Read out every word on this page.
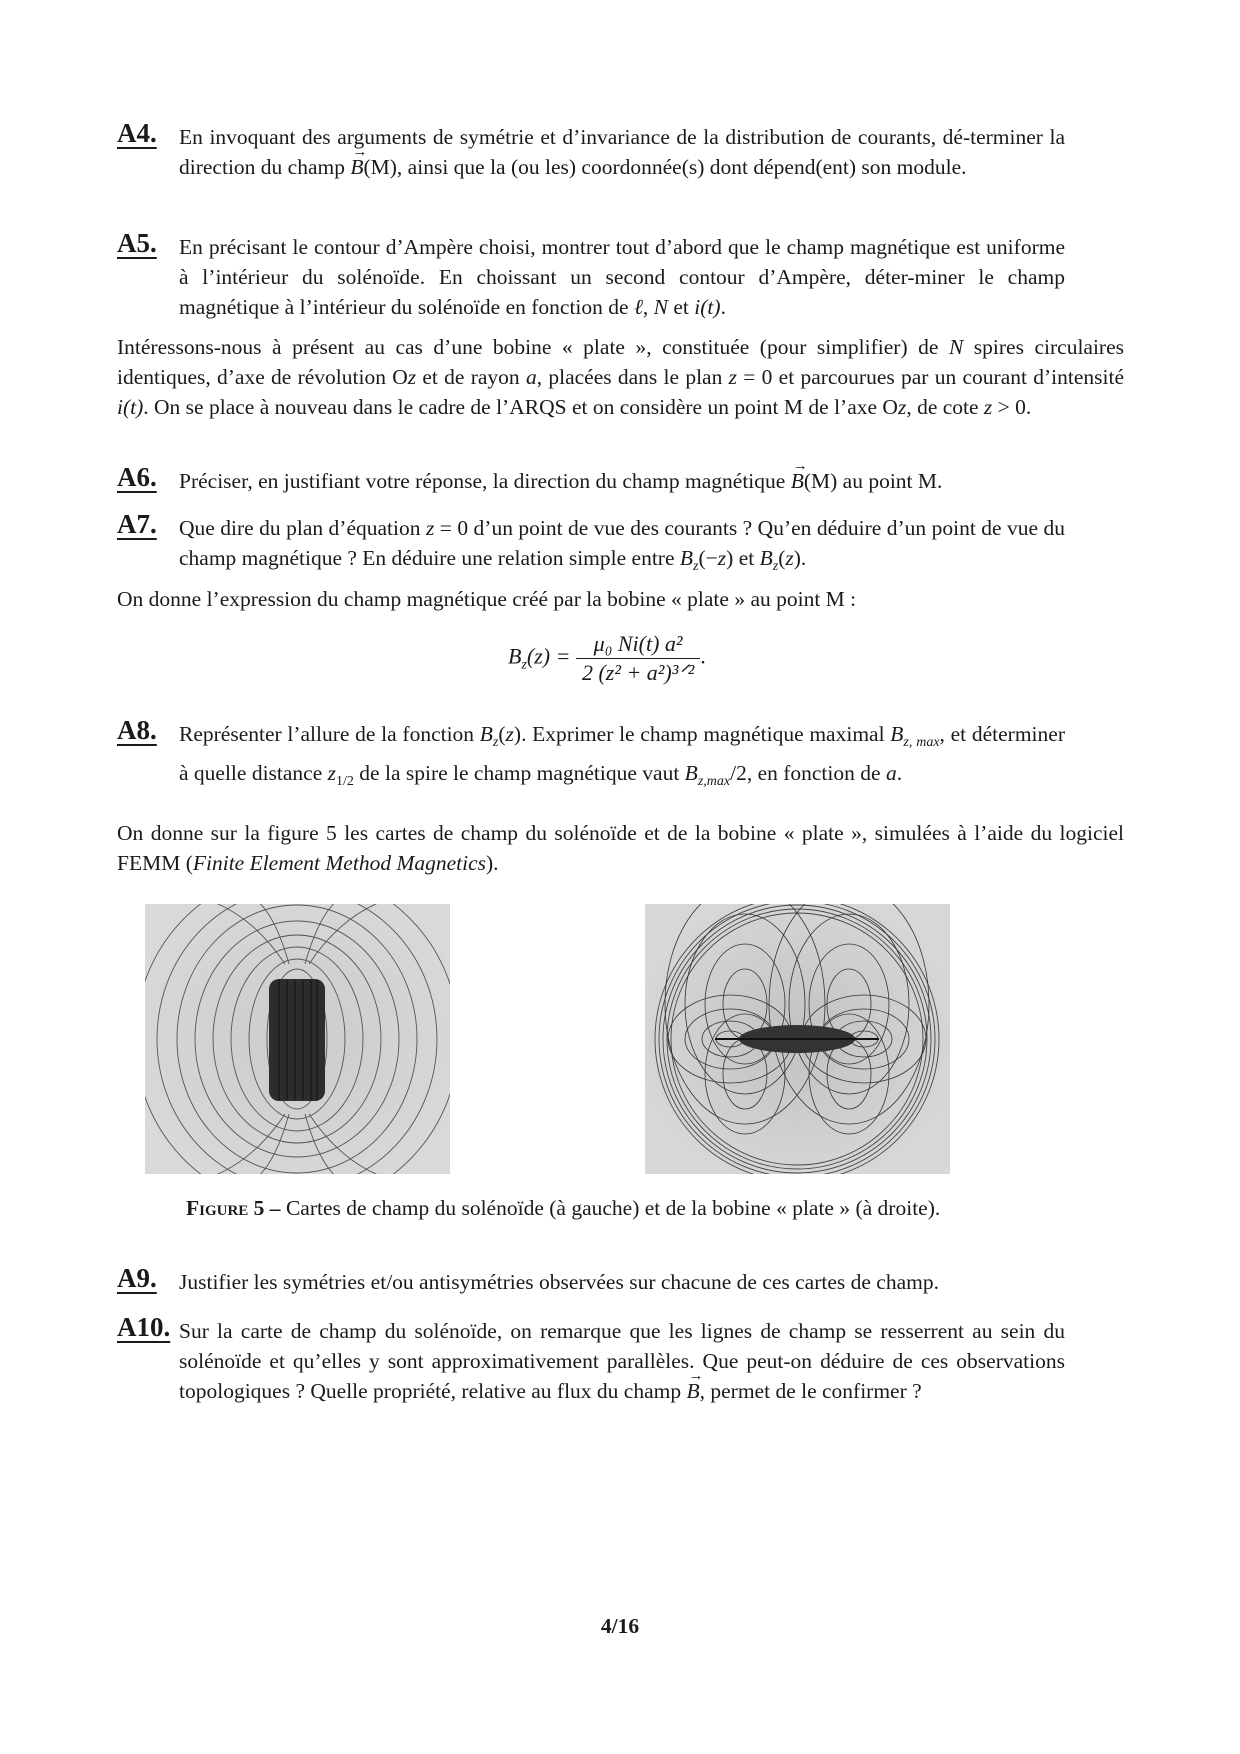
A4. En invoquant des arguments de symétrie et d’invariance de la distribution de courants, dé-terminer la direction du champ → B(M), ainsi que la (ou les) coordonnée(s) dont dépend(ent) son module.
A5. En précisant le contour d’Ampère choisi, montrer tout d’abord que le champ magnétique est uniforme à l’intérieur du solénoïde. En choissant un second contour d’Ampère, déter-miner le champ magnétique à l’intérieur du solénoïde en fonction de ℓ, N et i(t).
Intéressons-nous à présent au cas d’une bobine « plate », constituée (pour simplifier) de N spires circulaires identiques, d’axe de révolution Oz et de rayon a, placées dans le plan z = 0 et parcourues par un courant d’intensité i(t). On se place à nouveau dans le cadre de l’ARQS et on considère un point M de l’axe Oz, de cote z > 0.
A6. Préciser, en justifiant votre réponse, la direction du champ magnétique → B(M) au point M.
A7. Que dire du plan d’équation z = 0 d’un point de vue des courants ? Qu’en déduire d’un point de vue du champ magnétique ? En déduire une relation simple entre $B_z(-z)$ et $B_z(z)$.
On donne l’expression du champ magnétique créé par la bobine « plate » au point M :
$B_z(z) = \frac{\text{μ₀ Ni(t) a²}}{\text{2 (z² + a²)³ᐟ²}}$ .
A8. Représenter l’allure de la fonction $B_z(z)$. Exprimer le champ magnétique maximal $B_{z, max}$, et déterminer à quelle distance $z_{1/2}$ de la spire le champ magnétique vaut $B_{z,max}/2$, en fonction de a.
On donne sur la figure 5 les cartes de champ du solénoïde et de la bobine « plate », simulées à l’aide du logiciel FEMM (Finite Element Method Magnetics).
Figure 5 – Cartes de champ du solénoïde (à gauche) et de la bobine « plate » (à droite).
A9. Justifier les symétries et/ou antisymétries observées sur chacune de ces cartes de champ.
A10. Sur la carte de champ du solénoïde, on remarque que les lignes de champ se resserrent au sein du solénoïde et qu’elles y sont approximativement parallèles. Que peut-on déduire de ces observations topologiques ? Quelle propriété, relative au flux du champ → B, permet de le confirmer ?
4/16
